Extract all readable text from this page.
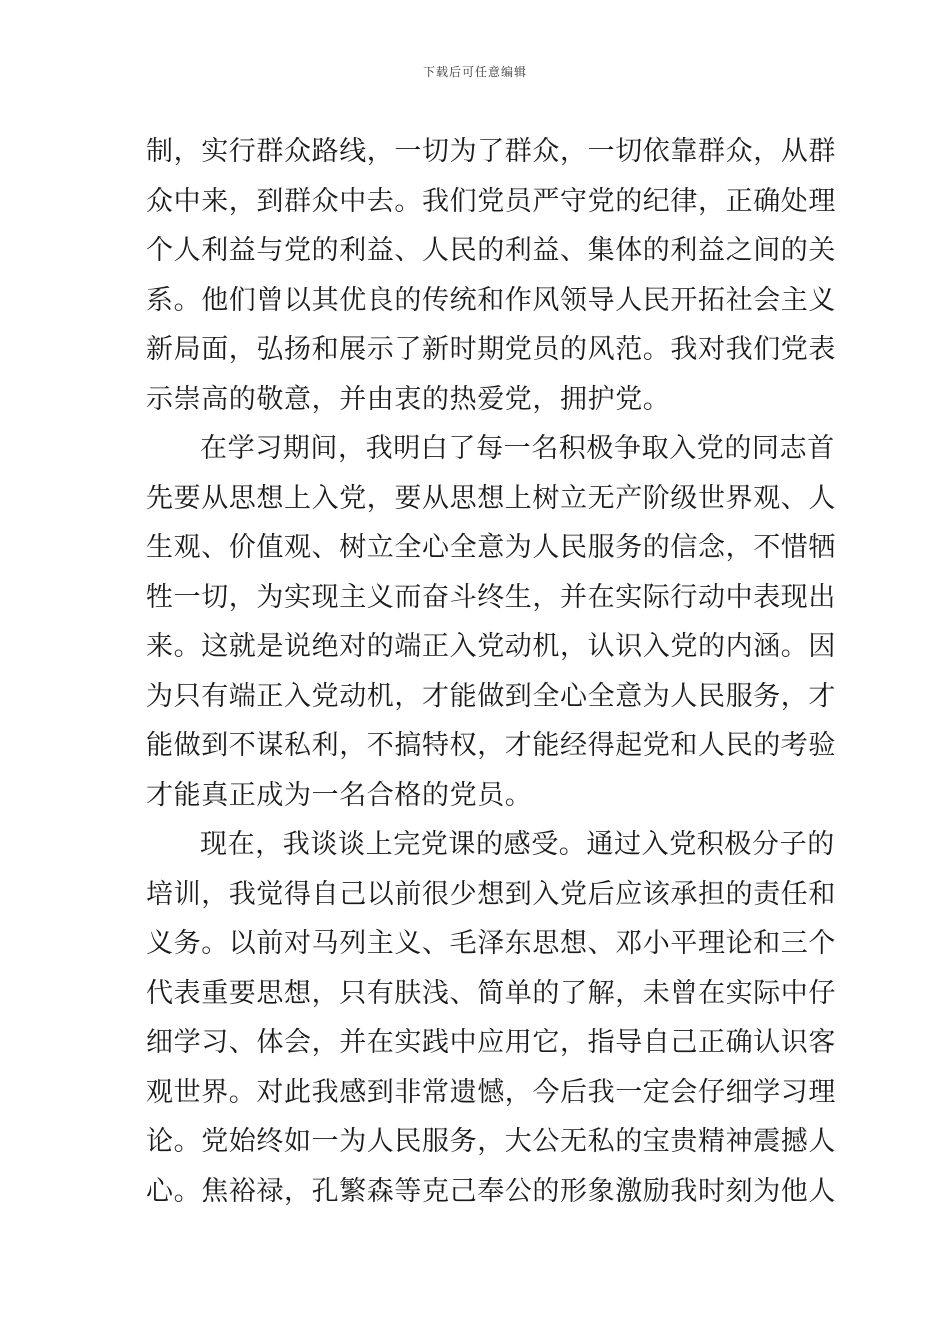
下载后可任意编辑
制，实行群众路线，一切为了群众，一切依靠群众，从群
众中来，到群众中去。我们党员严守党的纪律，正确处理
个人利益与党的利益、人民的利益、集体的利益之间的关
系。他们曾以其优良的传统和作风领导人民开拓社会主义
新局面，弘扬和展示了新时期党员的风范。我对我们党表
示崇高的敬意，并由衷的热爱党，拥护党。
在学习期间，我明白了每一名积极争取入党的同志首
先要从思想上入党，要从思想上树立无产阶级世界观、人
生观、价值观、树立全心全意为人民服务的信念，不惜牺
牲一切，为实现主义而奋斗终生，并在实际行动中表现出
来。这就是说绝对的端正入党动机，认识入党的内涵。因
为只有端正入党动机，才能做到全心全意为人民服务，才
能做到不谋私利，不搞特权，才能经得起党和人民的考验
才能真正成为一名合格的党员。
现在，我谈谈上完党课的感受。通过入党积极分子的
培训，我觉得自己以前很少想到入党后应该承担的责任和
义务。以前对马列主义、毛泽东思想、邓小平理论和三个
代表重要思想，只有肤浅、简单的了解，未曾在实际中仔
细学习、体会，并在实践中应用它，指导自己正确认识客
观世界。对此我感到非常遗憾，今后我一定会仔细学习理
论。党始终如一为人民服务，大公无私的宝贵精神震撼人
心。焦裕禄，孔繁森等克己奉公的形象激励我时刻为他人
